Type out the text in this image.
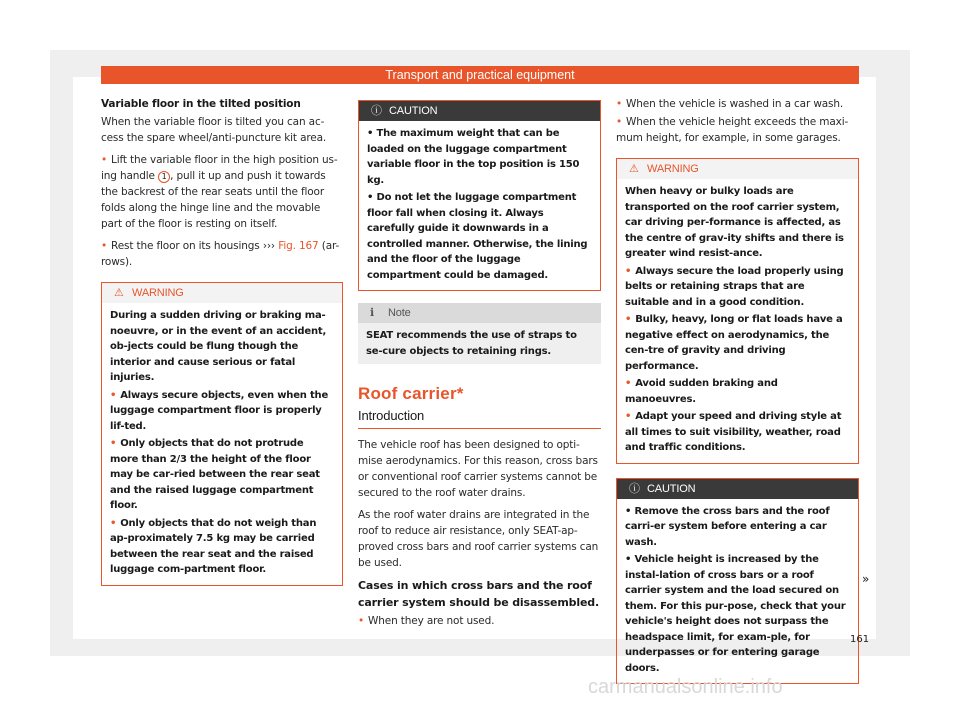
Transport and practical equipment
Variable floor in the tilted position

When the variable floor is tilted you can ac-cess the spare wheel/anti-puncture kit area.

• Lift the variable floor in the high position us-ing handle 1 , pull it up and push it towards the backrest of the rear seats until the floor folds along the hinge line and the movable part of the floor is resting on itself.

• Rest the floor on its housings ››› Fig. 167 (ar-rows).

⚠ WARNING
During a sudden driving or braking ma-noeuvre, or in the event of an accident, ob-jects could be flung though the interior and cause serious or fatal injuries.
• Always secure objects, even when the luggage compartment floor is properly lif-ted.
• Only objects that do not protrude more than 2/3 the height of the floor may be car-ried between the rear seat and the raised luggage compartment floor.
• Only objects that do not weigh than ap-proximately 7.5 kg may be carried between the rear seat and the raised luggage com-partment floor.
ⓘ CAUTION
• The maximum weight that can be loaded on the luggage compartment variable floor in the top position is 150 kg.
• Do not let the luggage compartment floor fall when closing it. Always carefully guide it downwards in a controlled manner. Otherwise, the lining and the floor of the luggage compartment could be damaged.
ℹ Note
SEAT recommends the use of straps to se-cure objects to retaining rings.
Roof carrier*
Introduction

The vehicle roof has been designed to opti-mise aerodynamics. For this reason, cross bars or conventional roof carrier systems cannot be secured to the roof water drains.

As the roof water drains are integrated in the roof to reduce air resistance, only SEAT-ap-proved cross bars and roof carrier systems can be used.

Cases in which cross bars and the roof carrier system should be disassembled.

• When they are not used.

• When the vehicle is washed in a car wash.

• When the vehicle height exceeds the maxi-mum height, for example, in some garages.

⚠ WARNING
When heavy or bulky loads are transported on the roof carrier system, car driving per-formance is affected, as the centre of grav-ity shifts and there is greater wind resist-ance.
• Always secure the load properly using belts or retaining straps that are suitable and in a good condition.
• Bulky, heavy, long or flat loads have a negative effect on aerodynamics, the cen-tre of gravity and driving performance.
• Avoid sudden braking and manoeuvres.
• Adapt your speed and driving style at all times to suit visibility, weather, road and traffic conditions.
ⓘ CAUTION
• Remove the cross bars and the roof carri-er system before entering a car wash.
• Vehicle height is increased by the instal-lation of cross bars or a roof carrier system and the load secured on them. For this pur-pose, check that your vehicle's height does not surpass the headspace limit, for exam-ple, for underpasses or for entering garage doors.
»
161
carmanualsonline.info
